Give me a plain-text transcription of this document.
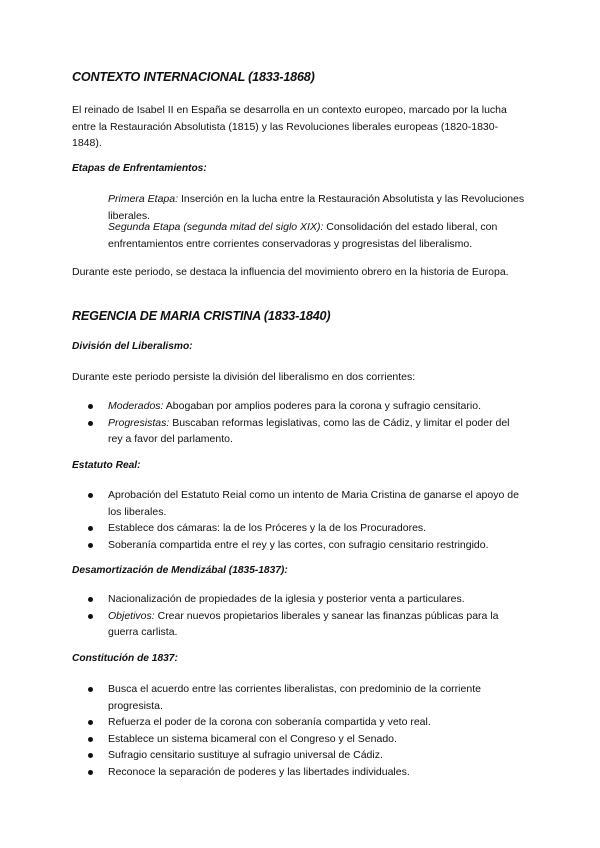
CONTEXTO INTERNACIONAL (1833-1868)

El reinado de Isabel II en España se desarrolla en un contexto europeo, marcado por la lucha entre la Restauración Absolutista (1815) y las Revoluciones liberales europeas (1820-1830-1848).

Etapas de Enfrentamientos:

Primera Etapa: Inserción en la lucha entre la Restauración Absolutista y las Revoluciones liberales.

Segunda Etapa (segunda mitad del siglo XIX): Consolidación del estado liberal, con enfrentamientos entre corrientes conservadoras y progresistas del liberalismo.

Durante este periodo, se destaca la influencia del movimiento obrero en la historia de Europa.

REGENCIA DE MARIA CRISTINA (1833-1840)
División del Liberalismo:

Durante este periodo persiste la división del liberalismo en dos corrientes:

Moderados: Abogaban por amplios poderes para la corona y sufragio censitario.
Progresistas: Buscaban reformas legislativas, como las de Cádiz, y limitar el poder del rey a favor del parlamento.
Estatuto Real:
Aprobación del Estatuto Reial como un intento de Maria Cristina de ganarse el apoyo de los liberales.
Establece dos cámaras: la de los Próceres y la de los Procuradores.
Soberanía compartida entre el rey y las cortes, con sufragio censitario restringido.
Desamortización de Mendizábal (1835-1837):
Nacionalización de propiedades de la iglesia y posterior venta a particulares.
Objetivos: Crear nuevos propietarios liberales y sanear las finanzas públicas para la guerra carlista.
Constitución de 1837:
Busca el acuerdo entre las corrientes liberalistas, con predominio de la corriente progresista.
Refuerza el poder de la corona con soberanía compartida y veto real.
Establece un sistema bicameral con el Congreso y el Senado.
Sufragio censitario sustituye al sufragio universal de Cádiz.
Reconoce la separación de poderes y las libertades individuales.
